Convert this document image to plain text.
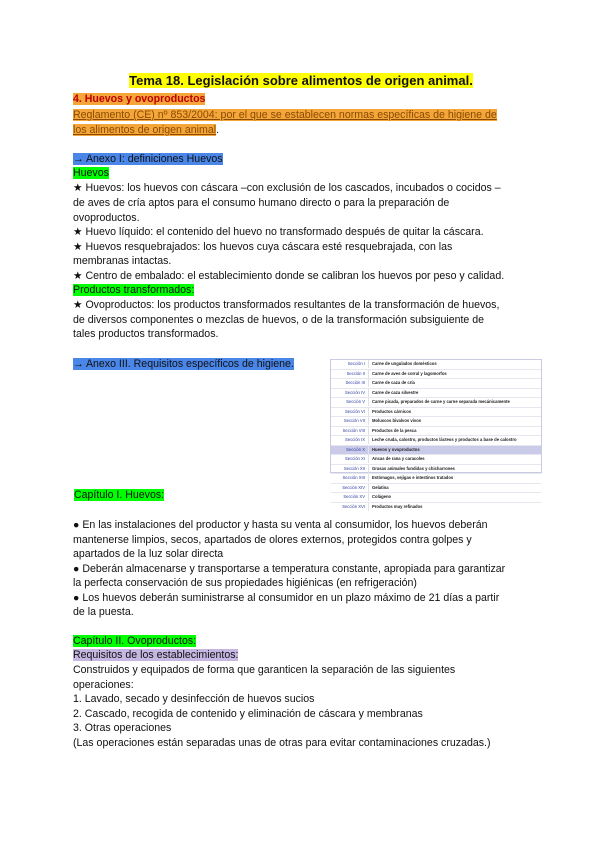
Tema 18. Legislación sobre alimentos de origen animal.
4. Huevos y ovoproductos
Reglamento (CE) nº 853/2004: por el que se establecen normas específicas de higiene de
los alimentos de origen animal.
→ Anexo I: definiciones Huevos
Huevos
★ Huevos: los huevos con cáscara –con exclusión de los cascados, incubados o cocidos –
de aves de cría aptos para el consumo humano directo o para la preparación de
ovoproductos.
★ Huevo líquido: el contenido del huevo no transformado después de quitar la cáscara.
★ Huevos resquebrajados: los huevos cuya cáscara esté resquebrajada, con las
membranas intactas.
★ Centro de embalado: el establecimiento donde se calibran los huevos por peso y calidad.
Productos transformados:
★ Ovoproductos: los productos transformados resultantes de la transformación de huevos,
de diversos componentes o mezclas de huevos, o de la transformación subsiguiente de
tales productos transformados.
→ Anexo III. Requisitos específicos de higiene.	Sección I	Carne de ungulados domésticos
Sección II	Carne de aves de corral y lagomorfos
Sección III	Carne de caza de cría
Sección IV	Carne de caza silvestre
Sección V	Carne picada, preparados de carne y carne separada mecánicamente
Sección VI	Productos cárnicos
Sección VII	Moluscos bivalvos vivos
Sección VIII	Productos de la pesca
Sección IX	Leche cruda, calostro, productos lácteos y productos a base de calostro
Sección X	Huevos y ovoproductos
Sección XI	Ancas de rana y caracoles
Sección XII	Grasas animales fundidas y chicharrones
Sección XIII	Estómagos, vejigas e intestinos tratados
Sección XIV	Gelatina
Sección XV	Colágeno
Sección XVI	Productos muy refinados
Capítulo I. Huevos:
● En las instalaciones del productor y hasta su venta al consumidor, los huevos deberán
mantenerse limpios, secos, apartados de olores externos, protegidos contra golpes y
apartados de la luz solar directa
● Deberán almacenarse y transportarse a temperatura constante, apropiada para garantizar
la perfecta conservación de sus propiedades higiénicas (en refrigeración)
● Los huevos deberán suministrarse al consumidor en un plazo máximo de 21 días a partir
de la puesta.
Capítulo II. Ovoproductos:
Requisitos de los establecimientos:
Construidos y equipados de forma que garanticen la separación de las siguientes
operaciones:
1. Lavado, secado y desinfección de huevos sucios
2. Cascado, recogida de contenido y eliminación de cáscara y membranas
3. Otras operaciones
(Las operaciones están separadas unas de otras para evitar contaminaciones cruzadas.)
